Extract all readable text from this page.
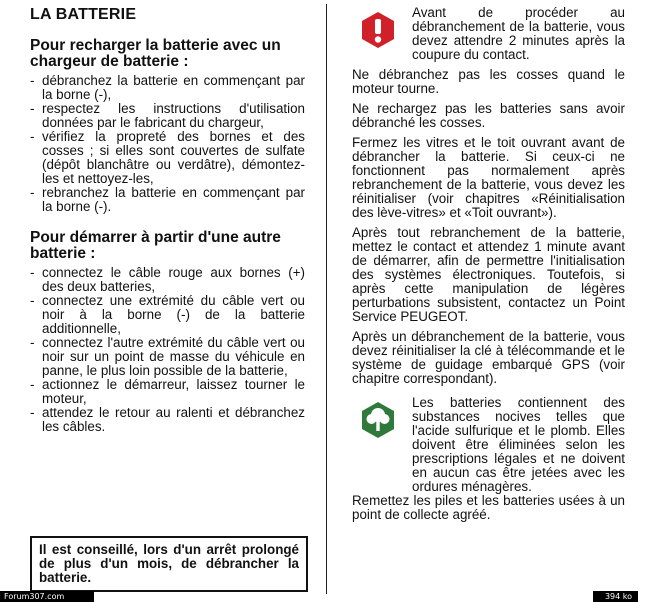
LA BATTERIE
Pour recharger la batterie avec un chargeur de batterie :
- débranchez la batterie en commençant par la borne (-),
- respectez les instructions d'utilisation données par le fabricant du chargeur,
- vérifiez la propreté des bornes et des cosses ; si elles sont couvertes de sulfate (dépôt blanchâtre ou verdâtre), démontez-les et nettoyez-les,
- rebranchez la batterie en commençant par la borne (-).
Pour démarrer à partir d'une autre batterie :
- connectez le câble rouge aux bornes (+) des deux batteries,
- connectez une extrémité du câble vert ou noir à la borne (-) de la batterie additionnelle,
- connectez l'autre extrémité du câble vert ou noir sur un point de masse du véhicule en panne, le plus loin possible de la batterie,
- actionnez le démarreur, laissez tourner le moteur,
- attendez le retour au ralenti et débranchez les câbles.
Il est conseillé, lors d'un arrêt prolongé de plus d'un mois, de débrancher la batterie.

Avant de procéder au débranchement de la batterie, vous devez attendre 2 minutes après la coupure du contact.

Ne débranchez pas les cosses quand le moteur tourne.

Ne rechargez pas les batteries sans avoir débranché les cosses.

Fermez les vitres et le toit ouvrant avant de débrancher la batterie. Si ceux-ci ne fonctionnent pas normalement après rebranchement de la batterie, vous devez les réinitialiser (voir chapitres «Réinitialisation des lève-vitres» et «Toit ouvrant»).

Après tout rebranchement de la batterie, mettez le contact et attendez 1 minute avant de démarrer, afin de permettre l'initialisation des systèmes électroniques. Toutefois, si après cette manipulation de légères perturbations subsistent, contactez un Point Service PEUGEOT.

Après un débranchement de la batterie, vous devez réinitialiser la clé à télécommande et le système de guidage embarqué GPS (voir chapitre correspondant).

Les batteries contiennent des substances nocives telles que l'acide sulfurique et le plomb. Elles doivent être éliminées selon les prescriptions légales et ne doivent en aucun cas être jetées avec les ordures ménagères.

Remettez les piles et les batteries usées à un point de collecte agréé.

Forum307.com	394 ko
